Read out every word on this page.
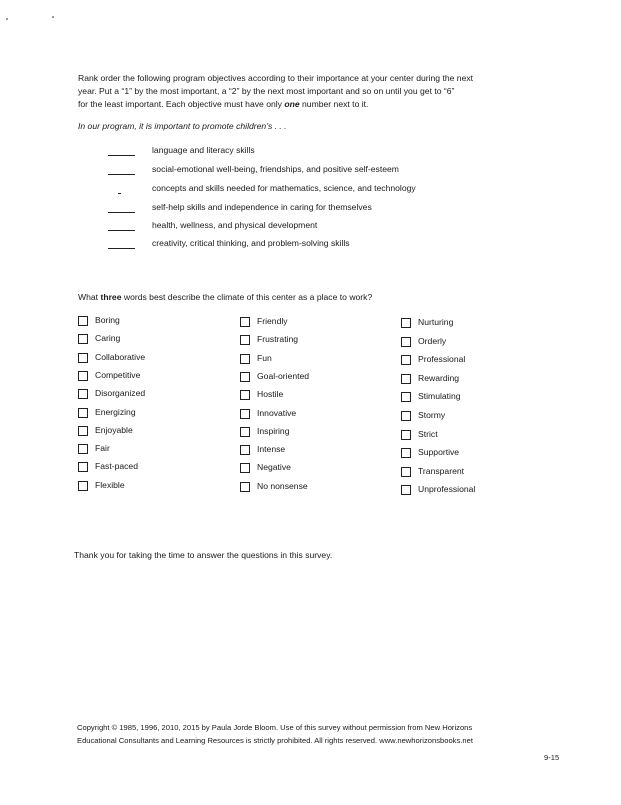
Rank order the following program objectives according to their importance at your center during the next
year. Put a “1” by the most important, a “2” by the next most important and so on until you get to “6”
for the least important. Each objective must have only one number next to it.
In our program, it is important to promote children’s . . .
language and literacy skills
social-emotional well-being, friendships, and positive self-esteem
concepts and skills needed for mathematics, science, and technology
self-help skills and independence in caring for themselves
health, wellness, and physical development
creativity, critical thinking, and problem-solving skills
What three words best describe the climate of this center as a place to work?
Boring
Caring
Collaborative
Competitive
Disorganized
Energizing
Enjoyable
Fair
Fast-paced
Flexible
Friendly
Frustrating
Fun
Goal-oriented
Hostile
Innovative
Inspiring
Intense
Negative
No nonsense
Nurturing
Orderly
Professional
Rewarding
Stimulating
Stormy
Strict
Supportive
Transparent
Unprofessional
Thank you for taking the time to answer the questions in this survey.
Copyright © 1985, 1996, 2010, 2015 by Paula Jorde Bloom. Use of this survey without permission from New Horizons
Educational Consultants and Learning Resources is strictly prohibited. All rights reserved. www.newhorizonsbooks.net
9-15
